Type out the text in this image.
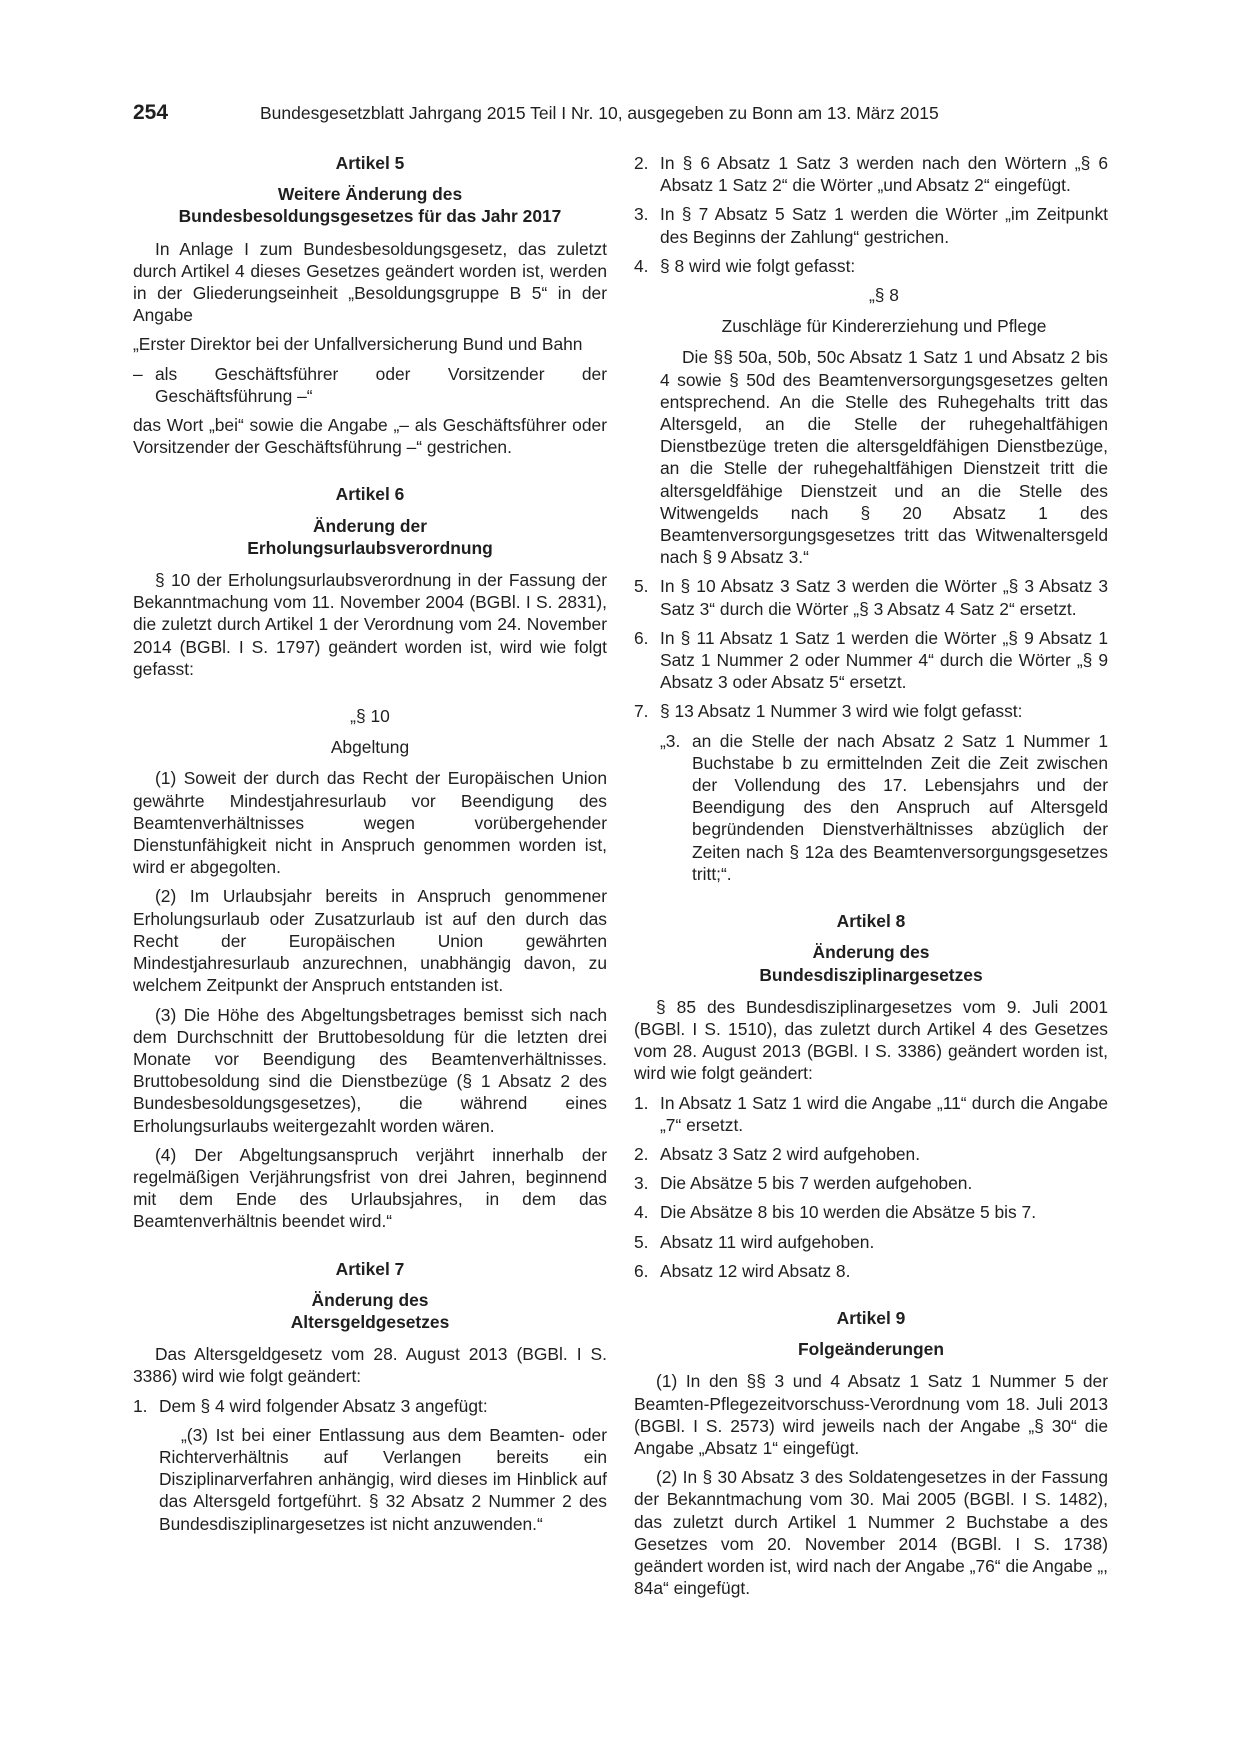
254	Bundesgesetzblatt Jahrgang 2015 Teil I Nr. 10, ausgegeben zu Bonn am 13. März 2015
Artikel 5
Weitere Änderung des
Bundesbesoldungsgesetzes für das Jahr 2017

In Anlage I zum Bundesbesoldungsgesetz, das zuletzt durch Artikel 4 dieses Gesetzes geändert worden ist, werden in der Gliederungseinheit „Besoldungsgruppe B 5“ in der Angabe

„Erster Direktor bei der Unfallversicherung Bund und Bahn

– als Geschäftsführer oder Vorsitzender der Geschäftsführung –“

das Wort „bei“ sowie die Angabe „– als Geschäftsführer oder Vorsitzender der Geschäftsführung –“ gestrichen.

Artikel 6
Änderung der
Erholungsurlaubsverordnung

§ 10 der Erholungsurlaubsverordnung in der Fassung der Bekanntmachung vom 11. November 2004 (BGBl. I S. 2831), die zuletzt durch Artikel 1 der Verordnung vom 24. November 2014 (BGBl. I S. 1797) geändert worden ist, wird wie folgt gefasst:

„§ 10
Abgeltung

(1) Soweit der durch das Recht der Europäischen Union gewährte Mindestjahresurlaub vor Beendigung des Beamtenverhältnisses wegen vorübergehender Dienstunfähigkeit nicht in Anspruch genommen worden ist, wird er abgegolten.

(2) Im Urlaubsjahr bereits in Anspruch genommener Erholungsurlaub oder Zusatzurlaub ist auf den durch das Recht der Europäischen Union gewährten Mindestjahresurlaub anzurechnen, unabhängig davon, zu welchem Zeitpunkt der Anspruch entstanden ist.

(3) Die Höhe des Abgeltungsbetrages bemisst sich nach dem Durchschnitt der Bruttobesoldung für die letzten drei Monate vor Beendigung des Beamtenverhältnisses. Bruttobesoldung sind die Dienstbezüge (§ 1 Absatz 2 des Bundesbesoldungsgesetzes), die während eines Erholungsurlaubs weitergezahlt worden wären.

(4) Der Abgeltungsanspruch verjährt innerhalb der regelmäßigen Verjährungsfrist von drei Jahren, beginnend mit dem Ende des Urlaubsjahres, in dem das Beamtenverhältnis beendet wird.“

Artikel 7
Änderung des
Altersgeldgesetzes

Das Altersgeldgesetz vom 28. August 2013 (BGBl. I S. 3386) wird wie folgt geändert:

1. Dem § 4 wird folgender Absatz 3 angefügt:

„(3) Ist bei einer Entlassung aus dem Beamten- oder Richterverhältnis auf Verlangen bereits ein Disziplinarverfahren anhängig, wird dieses im Hinblick auf das Altersgeld fortgeführt. § 32 Absatz 2 Nummer 2 des Bundesdisziplinargesetzes ist nicht anzuwenden.“

2. In § 6 Absatz 1 Satz 3 werden nach den Wörtern „§ 6 Absatz 1 Satz 2“ die Wörter „und Absatz 2“ eingefügt.
3. In § 7 Absatz 5 Satz 1 werden die Wörter „im Zeitpunkt des Beginns der Zahlung“ gestrichen.
4. § 8 wird wie folgt gefasst:
„§ 8
Zuschläge für Kindererziehung und Pflege

Die §§ 50a, 50b, 50c Absatz 1 Satz 1 und Absatz 2 bis 4 sowie § 50d des Beamtenversorgungsgesetzes gelten entsprechend. An die Stelle des Ruhegehalts tritt das Altersgeld, an die Stelle der ruhegehaltfähigen Dienstbezüge treten die altersgeldfähigen Dienstbezüge, an die Stelle der ruhegehaltfähigen Dienstzeit tritt die altersgeldfähige Dienstzeit und an die Stelle des Witwengelds nach § 20 Absatz 1 des Beamtenversorgungsgesetzes tritt das Witwenaltersgeld nach § 9 Absatz 3.“

5. In § 10 Absatz 3 Satz 3 werden die Wörter „§ 3 Absatz 3 Satz 3“ durch die Wörter „§ 3 Absatz 4 Satz 2“ ersetzt.
6. In § 11 Absatz 1 Satz 1 werden die Wörter „§ 9 Absatz 1 Satz 1 Nummer 2 oder Nummer 4“ durch die Wörter „§ 9 Absatz 3 oder Absatz 5“ ersetzt.
7. § 13 Absatz 1 Nummer 3 wird wie folgt gefasst:
„3. an die Stelle der nach Absatz 2 Satz 1 Nummer 1 Buchstabe b zu ermittelnden Zeit die Zeit zwischen der Vollendung des 17. Lebensjahrs und der Beendigung des den Anspruch auf Altersgeld begründenden Dienstverhältnisses abzüglich der Zeiten nach § 12a des Beamtenversorgungsgesetzes tritt;“.
Artikel 8
Änderung des
Bundesdisziplinargesetzes

§ 85 des Bundesdisziplinargesetzes vom 9. Juli 2001 (BGBl. I S. 1510), das zuletzt durch Artikel 4 des Gesetzes vom 28. August 2013 (BGBl. I S. 3386) geändert worden ist, wird wie folgt geändert:

1. In Absatz 1 Satz 1 wird die Angabe „11“ durch die Angabe „7“ ersetzt.
2. Absatz 3 Satz 2 wird aufgehoben.
3. Die Absätze 5 bis 7 werden aufgehoben.
4. Die Absätze 8 bis 10 werden die Absätze 5 bis 7.
5. Absatz 11 wird aufgehoben.
6. Absatz 12 wird Absatz 8.
Artikel 9
Folgeänderungen

(1) In den §§ 3 und 4 Absatz 1 Satz 1 Nummer 5 der Beamten-Pflegezeitvorschuss-Verordnung vom 18. Juli 2013 (BGBl. I S. 2573) wird jeweils nach der Angabe „§ 30“ die Angabe „Absatz 1“ eingefügt.

(2) In § 30 Absatz 3 des Soldatengesetzes in der Fassung der Bekanntmachung vom 30. Mai 2005 (BGBl. I S. 1482), das zuletzt durch Artikel 1 Nummer 2 Buchstabe a des Gesetzes vom 20. November 2014 (BGBl. I S. 1738) geändert worden ist, wird nach der Angabe „76“ die Angabe „, 84a“ eingefügt.
